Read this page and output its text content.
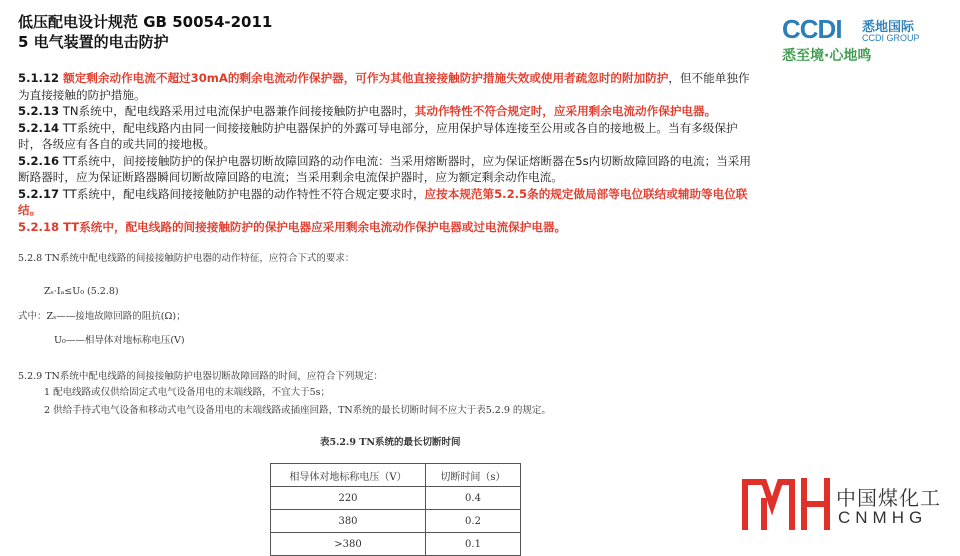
低压配电设计规范 GB 50054-2011
5 电气装置的电击防护	CCDI 悉地国际
CCDI GROUP
悉至境·心地鸣

5.1.12 额定剩余动作电流不超过30mA的剩余电流动作保护器，可作为其他直接接触防护措施失效或使用者疏忽时的附加防护，但不能单独作为直接接触的防护措施。

5.2.13 TN系统中，配电线路采用过电流保护电器兼作间接接触防护电器时，其动作特性不符合规定时，应采用剩余电流动作保护电器。

5.2.14 TT系统中，配电线路内由同一间接接触防护电器保护的外露可导电部分，应用保护导体连接至公用或各自的接地极上。当有多级保护时，各级应有各自的或共同的接地极。

5.2.16 TT系统中，间接接触防护的保护电器切断故障回路的动作电流：当采用熔断器时，应为保证熔断器在5s内切断故障回路的电流；当采用断路器时，应为保证断路器瞬间切断故障回路的电流；当采用剩余电流保护器时，应为额定剩余动作电流。

5.2.17 TT系统中，配电线路间接接触防护电器的动作特性不符合规定要求时，应按本规范第5.2.5条的规定做局部等电位联结或辅助等电位联结。

5.2.18 TT系统中，配电线路的间接接触防护的保护电器应采用剩余电流动作保护电器或过电流保护电器。

5.2.8 TN系统中配电线路的间接接触防护电器的动作特征，应符合下式的要求：
Zₛ·Iₐ≤U₀ (5.2.8)
式中：Zₛ——接地故障回路的阻抗(Ω)；
U₀——相导体对地标称电压(V)
5.2.9 TN系统中配电线路的间接接触防护电器切断故障回路的时间，应符合下列规定：
1 配电线路或仅供给固定式电气设备用电的末端线路，不宜大于5s；
2 供给手持式电气设备和移动式电气设备用电的末端线路或插座回路，TN系统的最长切断时间不应大于表5.2.9 的规定。
表5.2.9 TN系统的最长切断时间
相导体对地标称电压（V）	切断时间（s）
220	0.4
380	0.2
>380	0.1
中国煤化工
CNMHG
